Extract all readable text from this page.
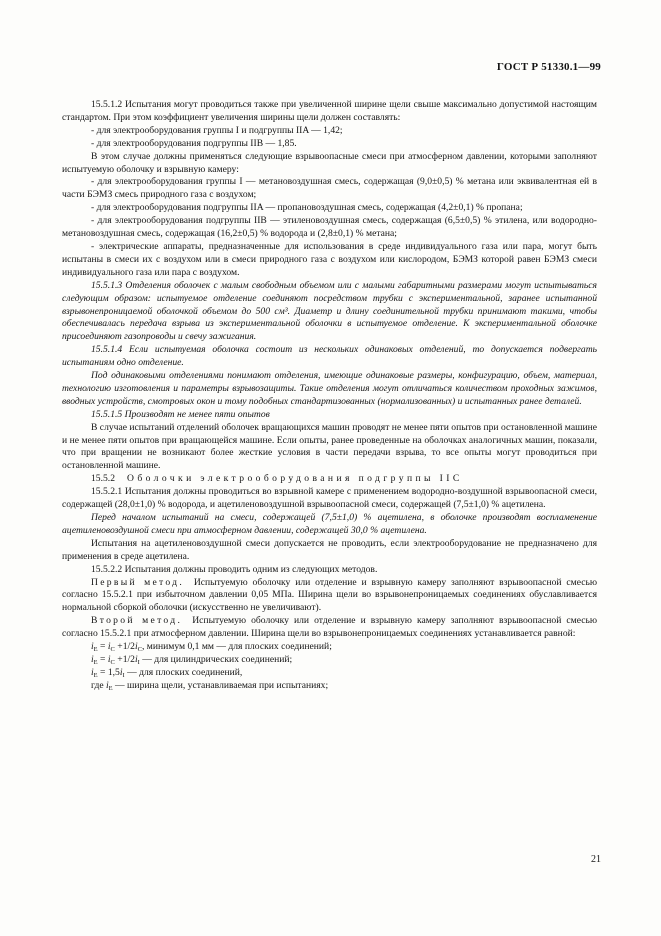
ГОСТ Р 51330.1—99

15.5.1.2 Испытания могут проводиться также при увеличенной ширине щели свыше максимально допустимой настоящим стандартом. При этом коэффициент увеличения ширины щели должен составлять:

- для электрооборудования группы I и подгруппы IIA — 1,42;

- для электрооборудования подгруппы IIB — 1,85.

В этом случае должны применяться следующие взрывоопасные смеси при атмосферном давлении, которыми заполняют испытуемую оболочку и взрывную камеру:

- для электрооборудования группы I — метановоздушная смесь, содержащая (9,0±0,5) % метана или эквивалентная ей в части БЭМЗ смесь природного газа с воздухом;

- для электрооборудования подгруппы IIA — пропановоздушная смесь, содержащая (4,2±0,1) % пропана;

- для электрооборудования подгруппы IIB — этиленовоздушная смесь, содержащая (6,5±0,5) % этилена, или водородно-метановоздушная смесь, содержащая (16,2±0,5) % водорода и (2,8±0,1) % метана;

- электрические аппараты, предназначенные для использования в среде индивидуального газа или пара, могут быть испытаны в смеси их с воздухом или в смеси природного газа с воздухом или кислородом, БЭМЗ которой равен БЭМЗ смеси индивидуального газа или пара с воздухом.

15.5.1.3 Отделения оболочек с малым свободным объемом или с малыми габаритными размерами могут испытываться следующим образом: испытуемое отделение соединяют посредством трубки с экспериментальной, заранее испытанной взрывонепроницаемой оболочкой объемом до 500 см³. Диаметр и длину соединительной трубки принимают такими, чтобы обеспечивалась передача взрыва из экспериментальной оболочки в испытуемое отделение. К экспериментальной оболочке присоединяют газопроводы и свечу зажигания.

15.5.1.4 Если испытуемая оболочка состоит из нескольких одинаковых отделений, то допускается подвергать испытаниям одно отделение.

Под одинаковыми отделениями понимают отделения, имеющие одинаковые размеры, конфигурацию, объем, материал, технологию изготовления и параметры взрывозащиты. Такие отделения могут отличаться количеством проходных зажимов, вводных устройств, смотровых окон и тому подобных стандартизованных (нормализованных) и испытанных ранее деталей.

15.5.1.5 Производят не менее пяти опытов

В случае испытаний отделений оболочек вращающихся машин проводят не менее пяти опытов при остановленной машине и не менее пяти опытов при вращающейся машине. Если опыты, ранее проведенные на оболочках аналогичных машин, показали, что при вращении не возникают более жесткие условия в части передачи взрыва, то все опыты могут проводиться при остановленной машине.

15.5.2 Оболочки электрооборудования подгруппы IIC

15.5.2.1 Испытания должны проводиться во взрывной камере с применением водородно-воздушной взрывоопасной смеси, содержащей (28,0±1,0) % водорода, и ацетиленовоздушной взрывоопасной смеси, содержащей (7,5±1,0) % ацетилена.

Перед началом испытаний на смеси, содержащей (7,5±1,0) % ацетилена, в оболочке производят воспламенение ацетиленовоздушной смеси при атмосферном давлении, содержащей 30,0 % ацетилена.

Испытания на ацетиленовоздушной смеси допускается не проводить, если электрооборудование не предназначено для применения в среде ацетилена.

15.5.2.2 Испытания должны проводить одним из следующих методов.

Первый метод. Испытуемую оболочку или отделение и взрывную камеру заполняют взрывоопасной смесью согласно 15.5.2.1 при избыточном давлении 0,05 МПа. Ширина щели во взрывонепроницаемых соединениях обуславливается нормальной сборкой оболочки (искусственно не увеличивают).

Второй метод. Испытуемую оболочку или отделение и взрывную камеру заполняют взрывоопасной смесью согласно 15.5.2.1 при атмосферном давлении. Ширина щели во взрывонепроницаемых соединениях устанавливается равной:

$i_E = i_C +1/2i_C$, минимум 0,1 мм — для плоских соединений;

$i_E = i_C +1/2i_I$ — для цилиндрических соединений;

$i_E = 1,5i_I$ — для плоских соединений,

где $i_E$ — ширина щели, устанавливаемая при испытаниях;

21
